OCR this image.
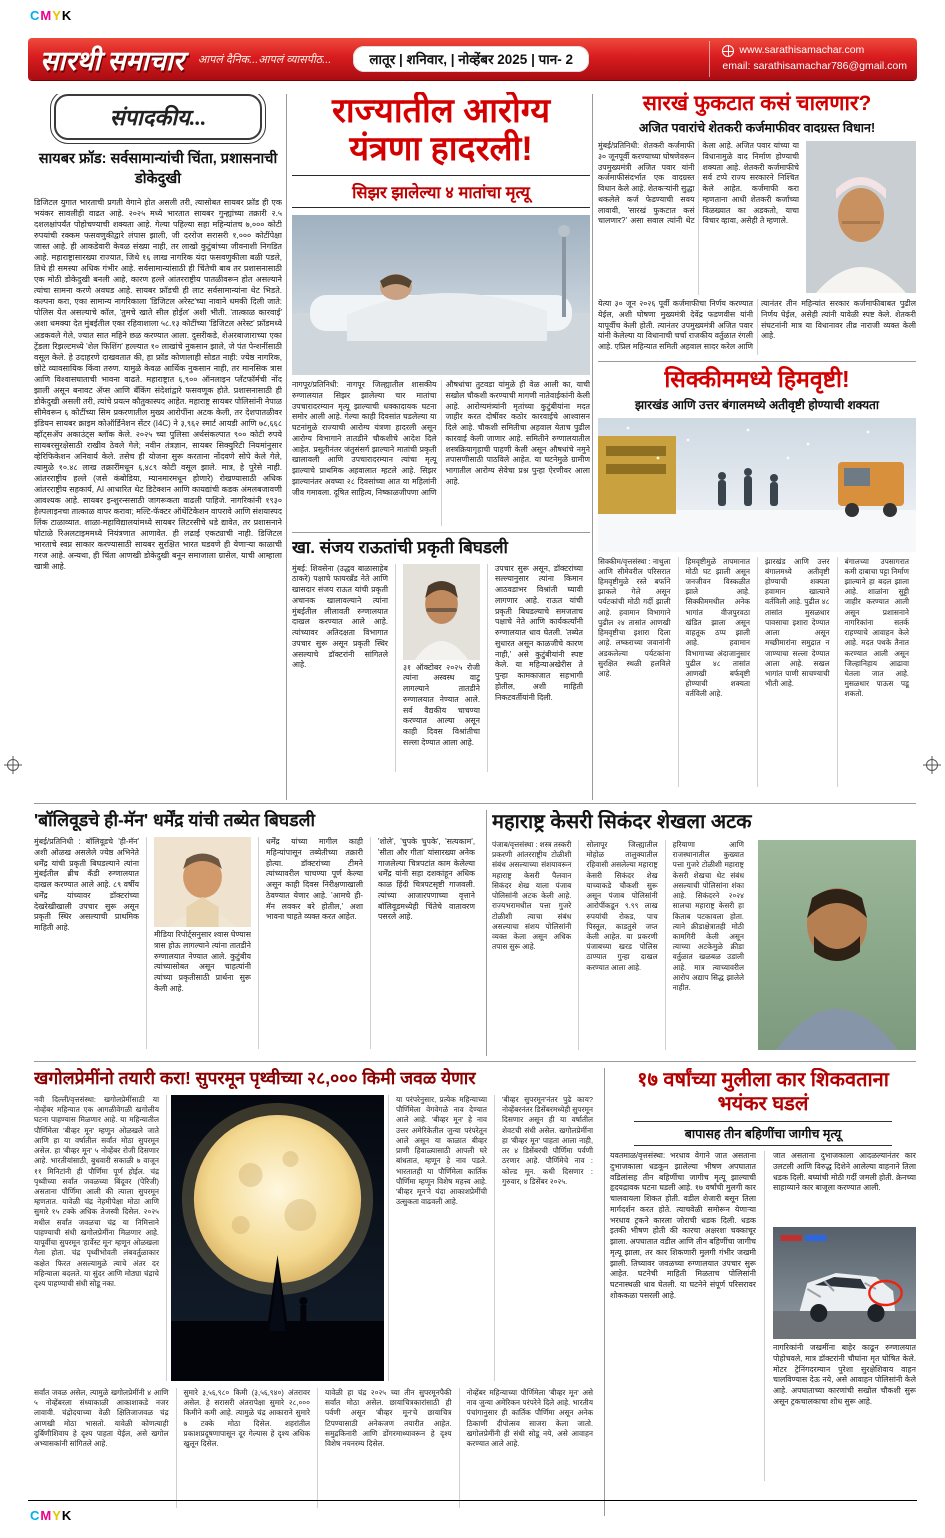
CMYK
सारथी समाचार	आपलं दैनिक...आपलं व्यासपीठ...	लातूर | शनिवार, | नोव्हेंबर 2025 | पान- 2
www.sarathisamachar.com
email: sarathisamachar786@gmail.com
संपादकीय...
सायबर फ्रॉड: सर्वसामान्यांची चिंता, प्रशासनाची डोकेदुखी
डिजिटल युगात भारताची प्रगती वेगाने होत असली तरी, त्यासोबत सायबर फ्रॉड ही एक भयंकर सावलीही वाढत आहे. २०२५ मध्ये भारतात सायबर गुन्ह्यांच्या तक्रारी २.५ दशलक्षांपर्यंत पोहोचण्याची शक्यता आहे. गेल्या पहिल्या सहा महिन्यांतच ७,००० कोटी रुपयांची रक्कम फसवणुकीद्वारे लंपास झाली, जी दररोज सरासरी १,००० कोटींपेक्षा जास्त आहे. ही आकडेवारी केवळ संख्या नाही, तर लाखो कुटुंबांच्या जीवनाशी निगडित आहे. महाराष्ट्रासारख्या राज्यात, जिथे १६ लाख नागरिक यंदा फसवणुकीला बळी पडले, तिथे ही समस्या अधिक गंभीर आहे. सर्वसामान्यांसाठी ही चिंतेची बाब तर प्रशासनासाठी एक मोठी डोकेदुखी बनली आहे, कारण हल्ले आंतरराष्ट्रीय पातळीवरून होत असल्याने त्यांचा सामना करणे अवघड आहे. सायबर फ्रॉडची ही लाट सर्वसामान्यांना थेट भिडते. कल्पना करा, एका सामान्य नागरिकाला 'डिजिटल अरेस्ट'च्या नावाने धमकी दिली जाते: पोलिस येत असल्याचे कॉल, 'तुमचे खाते सील होईल' अशी भीती. 'तात्काळ कारवाई' अशा धमक्या देत मुंबईतील एका रहिवाशाला ५८.१३ कोटींच्या 'डिजिटल अरेस्ट' फ्रॉडमध्ये अडकवले गेले, ज्यात सात महिने छळ करण्यात आला. दुसरीकडे, शेअरबाजाराच्या एका ट्रेंडला रिझल्टमध्ये 'शेल फिशिंग' हल्ल्यात १० लाखांचे नुकसान झाले, जे पंत पेन्शनींसाठी वसूल केले. हे उदाहरणे दाखवतात की, हा फ्रॉड कोणालाही सोडत नाही: ज्येष्ठ नागरिक, छोटे व्यावसायिक किंवा तरुण. यामुळे केवळ आर्थिक नुकसान नाही, तर मानसिक त्रास आणि विश्वासघाताची भावना वाढते. महाराष्ट्रात ६,९०० ऑनलाइन प्लॅटफॉर्मची नोंद झाली असून बनावट ॲप्स आणि बँकिंग संदेशांद्वारे फसवणूक होते. प्रशासनासाठी ही डोकेदुखी असली तरी, त्यांचे प्रयत्न कौतुकास्पद आहेत. महाराष्ट्र सायबर पोलिसांनी नेपाळ सीमेवरून ६ कोटींच्या सिम प्रकरणातील मुख्य आरोपींना अटक केली, तर देशपातळीवर इंडियन सायबर क्राइम कोऑर्डिनेशन सेंटर (I4C) ने ३,९६२ स्मार्ट आयडी आणि ७८,६६८ व्हॉट्सॲप अकाउंट्स ब्लॉक केले. २०२५ च्या पुलिसा अर्थसंकल्पात ९०० कोटी रुपये सायबरसुरक्षेसाठी राखीव ठेवले गेले; नवीन तंत्रज्ञान, सायबर सिक्युरिटी नियमांनुसार व्हेरिफिकेशन अनिवार्य केले. तसेच ही योजना सुरू करताना नोंदवणे सोपे केले गेले, त्यामुळे १०.४८ लाख तक्रारींमधून ६,४८९ कोटी वसूल झाले. मात्र, हे पुरेसे नाही. आंतरराष्ट्रीय हल्ले (जसे कंबोडिया, म्यानमारमधून होणारे) रोखण्यासाठी अधिक आंतरराष्ट्रीय सहकार्य, AI आधारित थेट डिटेक्शन आणि कायद्यांची कडक अंमलबजावणी आवश्यक आहे. सायबर इन्शुरन्ससाठी जागरूकता वाढली पाहिजे. नागरिकांनी १९३० हेल्पलाइनचा तात्काळ वापर करावा; मल्टि-फॅक्टर ऑथेंटिकेशन वापरावे आणि संशयास्पद लिंक टाळाव्यात. शाळा-महाविद्यालयांमध्ये सायबर लिटरसीचे धडे द्यावेत, तर प्रशासनाने घोटाळे रिअलटाइममध्ये नियंत्रणात आणावेत. ही लढाई एकट्याची नाही. डिजिटल भारताचे स्वप्न साकार करण्यासाठी सायबर सुरक्षित भारत घडवणे ही येणाऱ्या काळाची गरज आहे. अन्यथा, ही चिंता आणखी डोकेदुखी बनून समाजाला ग्रासेल, याची आम्हाला खात्री आहे.
राज्यातील आरोग्य यंत्रणा हादरली!
सिझर झालेल्या ४ मातांचा मृत्यू
नागपूर/प्रतिनिधी: नागपूर जिल्ह्यातील शासकीय रुग्णालयात सिझर झालेल्या चार मातांचा उपचारादरम्यान मृत्यू झाल्याची धक्कादायक घटना समोर आली आहे. गेल्या काही दिवसांत घडलेल्या या घटनांमुळे राज्याची आरोग्य यंत्रणा हादरली असून आरोग्य विभागाने तातडीने चौकशीचे आदेश दिले आहेत. प्रसूतीनंतर जंतुसंसर्ग झाल्याने मातांची प्रकृती खालावली आणि उपचारादरम्यान त्यांचा मृत्यू झाल्याचे प्राथमिक अहवालात म्हटले आहे. सिझर झाल्यानंतर अवघ्या २८ दिवसांच्या आत या महिलांनी जीव गमावला. दूषित साहित्य, निष्काळजीपणा आणि औषधांचा तुटवडा यांमुळे ही वेळ आली का, याची सखोल चौकशी करण्याची मागणी नातेवाईकांनी केली आहे. आरोग्यमंत्र्यांनी मृतांच्या कुटुंबीयांना मदत जाहीर करत दोषींवर कठोर कारवाईचे आश्वासन दिले आहे. चौकशी समितीचा अहवाल येताच पुढील कारवाई केली जाणार आहे. समितीने रुग्णालयातील शस्त्रक्रियागृहाची पाहणी केली असून औषधांचे नमुने तपासणीसाठी पाठविले आहेत. या घटनेमुळे ग्रामीण भागातील आरोग्य सेवेचा प्रश्न पुन्हा ऐरणीवर आला आहे.
खा. संजय राऊतांची प्रकृती बिघडली
मुंबई: शिवसेना (उद्धव बाळासाहेब ठाकरे) पक्षाचे फायरब्रँड नेते आणि खासदार संजय राऊत यांची प्रकृती अचानक खालावल्याने त्यांना मुंबईतील लीलावती रुग्णालयात दाखल करण्यात आले आहे. त्यांच्यावर अतिदक्षता विभागात उपचार सुरू असून प्रकृती स्थिर असल्याचे डॉक्टरांनी सांगितले आहे.	३१ ऑक्टोबर २०२५ रोजी त्यांना अस्वस्थ वाटू लागल्याने तातडीने रुग्णालयात नेण्यात आले. सर्व वैद्यकीय चाचण्या करण्यात आल्या असून काही दिवस विश्रांतीचा सल्ला देण्यात आला आहे.
उपचार सुरू असून, डॉक्टरांच्या सल्ल्यानुसार त्यांना किमान आठवडाभर विश्रांती घ्यावी लागणार आहे. राऊत यांची प्रकृती बिघडल्याचे समजताच पक्षाचे नेते आणि कार्यकर्त्यांनी रुग्णालयात धाव घेतली. 'तब्येत सुधारत असून काळजीचे कारण नाही,' असे कुटुंबीयांनी स्पष्ट केले. या महिन्याअखेरीस ते पुन्हा कामकाजात सहभागी होतील, अशी माहिती निकटवर्तीयांनी दिली.
सारखं फुकटात कसं चालणार?
अजित पवारांचे शेतकरी कर्जमाफीवर वादग्रस्त विधान!
मुंबई/प्रतिनिधी: शेतकरी कर्जमाफी ३० जूनपूर्वी करण्याच्या घोषणेवरून उपमुख्यमंत्री अजित पवार यांनी कर्जमाफीसंदर्भात एक वादग्रस्त विधान केले आहे. शेतकऱ्यांनी सुद्धा थकलेले कर्ज फेडण्याची सवय लावावी, 'सारखं फुकटात कसं चालणार?' असा सवाल त्यांनी थेट केला आहे. अजित पवार यांच्या या विधानामुळे वाद निर्माण होण्याची शक्यता आहे. शेतकरी कर्जमाफीचे सर्व टप्पे राज्य सरकारने निश्चित केले आहेत. कर्जमाफी करा म्हणताना आधी शेतकरी कर्जाच्या विळख्यात का अडकतो, याचा विचार व्हावा, असेही ते म्हणाले.
येत्या ३० जून २०२६ पूर्वी कर्जमाफीचा निर्णय करण्यात येईल, अशी घोषणा मुख्यमंत्री देवेंद्र फडणवीस यांनी यापूर्वीच केली होती. त्यानंतर उपमुख्यमंत्री अजित पवार यांनी केलेल्या या विधानाची चर्चा राजकीय वर्तुळात रंगली आहे. एप्रिल महिन्यात समिती अहवाल सादर करेल आणि त्यानंतर तीन महिन्यांत सरकार कर्जमाफीबाबत पुढील निर्णय घेईल, असेही त्यांनी यावेळी स्पष्ट केले. शेतकरी संघटनांनी मात्र या विधानावर तीव्र नाराजी व्यक्त केली आहे.
सिक्कीममध्ये हिमवृष्टी!
झारखंड आणि उत्तर बंगालमध्ये अतीवृष्टी होण्याची शक्यता
सिक्कीम/वृत्तसंस्था : नाथुला आणि सीमेवरील परिसरात हिमवृष्टीमुळे रस्ते बर्फाने झाकले गेले असून पर्यटकांची मोठी गर्दी झाली आहे. हवामान विभागाने पुढील २४ तासांत आणखी हिमवृष्टीचा इशारा दिला आहे. लष्कराच्या जवानांनी अडकलेल्या पर्यटकांना सुरक्षित स्थळी हलविले आहे.
हिमवृष्टीमुळे तापमानात मोठी घट झाली असून जनजीवन विस्कळीत झाले आहे. सिक्कीममधील अनेक भागांत वीजपुरवठा खंडित झाला असून वाहतूक ठप्प झाली आहे. हवामान विभागाच्या अंदाजानुसार पुढील ४८ तासांत आणखी बर्फवृष्टी होण्याची शक्यता वर्तविली आहे.
झारखंड आणि उत्तर बंगालमध्ये अतीवृष्टी होण्याची शक्यता हवामान खात्याने वर्तविली आहे. पुढील ४८ तासांत मुसळधार पावसाचा इशारा देण्यात आला असून मच्छीमारांना समुद्रात न जाण्याचा सल्ला देण्यात आला आहे. सखल भागांत पाणी साचण्याची भीती आहे.
बंगालच्या उपसागरात कमी दाबाचा पट्टा निर्माण झाल्याने हा बदल झाला आहे. शाळांना सुट्टी जाहीर करण्यात आली असून प्रशासनाने नागरिकांना सतर्क राहण्याचे आवाहन केले आहे. मदत पथके तैनात करण्यात आली असून जिल्हानिहाय आढावा घेतला जात आहे. मुसळधार पाऊस पडू शकतो.
'बॉलिवूडचे ही-मॅन' धर्मेंद्र यांची तब्येत बिघडली
मुंबई/प्रतिनिधी : बॉलिवूडचे 'ही-मॅन' अशी ओळख असलेले ज्येष्ठ अभिनेते धर्मेंद्र यांची प्रकृती बिघडल्याने त्यांना मुंबईतील ब्रीच कँडी रुग्णालयात दाखल करण्यात आले आहे. ८९ वर्षीय धर्मेंद्र यांच्यावर डॉक्टरांच्या देखरेखीखाली उपचार सुरू असून प्रकृती स्थिर असल्याची प्राथमिक माहिती आहे.
मीडिया रिपोर्ट्सनुसार श्वास घेण्यास त्रास होऊ लागल्याने त्यांना तातडीने रुग्णालयात नेण्यात आले. कुटुंबीय त्यांच्यासोबत असून चाहत्यांनी त्यांच्या प्रकृतीसाठी प्रार्थना सुरू केली आहे.
धर्मेंद्र यांच्या मागील काही महिन्यांपासून तब्येतीच्या तक्रारी होत्या. डॉक्टरांच्या टीमने त्यांच्यावरील चाचण्या पूर्ण केल्या असून काही दिवस निरीक्षणाखाली ठेवण्यात येणार आहे. 'आमचे ही-मॅन लवकर बरे होतील,' अशा भावना चाहते व्यक्त करत आहेत.
'शोले', 'चुपके चुपके', 'सत्यकाम', 'सीता और गीता' यांसारख्या अनेक गाजलेल्या चित्रपटांत काम केलेल्या धर्मेंद्र यांनी सहा दशकांहून अधिक काळ हिंदी चित्रपटसृष्टी गाजवली. त्यांच्या आजारपणाच्या वृत्ताने बॉलिवूडमध्येही चिंतेचे वातावरण पसरले आहे.
महाराष्ट्र केसरी सिकंदर शेखला अटक
पंजाब/वृत्तसंस्था : शस्त्र तस्करी प्रकरणी आंतरराष्ट्रीय टोळीशी संबंध असल्याच्या संशयावरून महाराष्ट्र केसरी पैलवान सिकंदर शेख याला पंजाब पोलिसांनी अटक केली आहे. राज्यभरामधील पत्ता गुजरे टोळीशी त्याचा संबंध असल्याचा संशय पोलिसांनी व्यक्त केला असून अधिक तपास सुरू आहे.
सोलापूर जिल्ह्यातील मोहोळ तालुक्यातील रहिवासी असलेल्या महाराष्ट्र केसरी सिकंदर शेख याच्याकडे चौकशी सुरू असून पंजाब पोलिसांनी आरोपींकडून ९.९९ लाख रुपयांची रोकड, पाच पिस्तूल, काडतुसे जप्त केली आहेत. या प्रकरणी पंजाबच्या खरड पोलिस ठाण्यात गुन्हा दाखल करण्यात आला आहे.
हरियाणा आणि राजस्थानातील कुख्यात पत्ता गुजरे टोळीशी महाराष्ट्र केसरी शेखचा थेट संबंध असल्याची पोलिसांना शंका आहे. सिकंदरने २०२४ सालचा महाराष्ट्र केसरी हा किताब पटकावला होता. त्याने क्रीडाक्षेत्रातही मोठी कामगिरी केली असून त्याच्या अटकेमुळे क्रीडा वर्तुळात खळबळ उडाली आहे. मात्र त्याच्यावरील आरोप अद्याप सिद्ध झालेले नाहीत.
खगोलप्रेमींनो तयारी करा! सुपरमून पृथ्वीच्या २८,००० किमी जवळ येणार
नवी दिल्ली/वृत्तसंस्था: खगोलप्रेमींसाठी या नोव्हेंबर महिन्यात एक आगळीवेगळी खगोलीय घटना पाहण्यास मिळणार आहे. या महिन्यातील पौर्णिमेला 'बीव्हर मून' म्हणून ओळखले जाते आणि हा या वर्षातील सर्वांत मोठा सुपरमून असेल. हा 'बीव्हर मून' ५ नोव्हेंबर रोजी दिसणार आहे. भारतीयांसाठी, बुधवारी सकाळी ७ वाजून ११ मिनिटांनी ही पौर्णिमा पूर्ण होईल. चंद्र पृथ्वीच्या सर्वांत जवळच्या बिंदूवर (पेरिजी) असताना पौर्णिमा आली की त्याला सुपरमून म्हणतात. यावेळी चंद्र नेहमीपेक्षा मोठा आणि सुमारे १५ टक्के अधिक तेजस्वी दिसेल. २०२५ मधील सर्वांत जवळचा चंद्र या निमित्ताने पाहण्याची संधी खगोलप्रेमींना मिळणार आहे. यापूर्वीचा सुपरमून 'हार्वेस्ट मून' म्हणून ओळखला गेला होता. चंद्र पृथ्वीभोवती लंबवर्तुळाकार कक्षेत फिरत असल्यामुळे त्याचे अंतर दर महिन्याला बदलते. या सुंदर आणि मोठ्या चंद्राचे दृश्य पाहण्याची संधी सोडू नका.
या परंपरेनुसार, प्रत्येक महिन्याच्या पौर्णिमेला वेगवेगळे नाव देण्यात आले आहे. 'बीव्हर मून' हे नाव उत्तर अमेरिकेतील जुन्या परंपरेतून आले असून या काळात बीव्हर प्राणी हिवाळ्यासाठी आपली घरे बांधतात, म्हणून हे नाव पडले. भारतातही या पौर्णिमेला कार्तिक पौर्णिमा म्हणून विशेष महत्त्व आहे. 'बीव्हर मून'ने यंदा आकाशप्रेमींची उत्सुकता वाढवली आहे.
'बीव्हर सुपरमून'नंतर पुढे काय? नोव्हेंबरनंतर डिसेंबरमध्येही सुपरमून दिसणार असून ही या वर्षातील शेवटची संधी असेल. खगोलप्रेमींना हा 'बीव्हर मून' पाहता आला नाही, तर ४ डिसेंबरची पौर्णिमा पर्वणी ठरणार आहे. पौर्णिमेचे नाव : कोल्ड मून. कधी दिसणार : गुरुवार, ४ डिसेंबर २०२५.
सर्वांत जवळ असेल, त्यामुळे खगोलप्रेमींनी ४ आणि ५ नोव्हेंबरला संध्याकाळी आकाशाकडे नजर लावावी. चंद्रोदयाच्या वेळी क्षितिजाजवळ चंद्र आणखी मोठा भासतो. यावेळी कोणत्याही दुर्बिणीशिवाय हे दृश्य पाहता येईल, असे खगोल अभ्यासकांनी सांगितले आहे.
सुमारे ३,५६,९८० किमी (३,५६,९४०) अंतरावर असेल. हे सरासरी अंतरापेक्षा सुमारे २८,००० किमीने कमी आहे. त्यामुळे चंद्र आकाराने सुमारे ७ टक्के मोठा दिसेल. शहरांतील प्रकाशप्रदूषणापासून दूर गेल्यास हे दृश्य अधिक खुलून दिसेल.
यावेळी हा चंद्र २०२५ च्या तीन सुपरमूनपैकी सर्वांत मोठा असेल. छायाचित्रकारांसाठी ही पर्वणी असून 'बीव्हर मून'चे छायाचित्र टिपण्यासाठी अनेकजण तयारीत आहेत. समुद्रकिनारी आणि डोंगरमाथ्यावरून हे दृश्य विशेष नयनरम्य दिसेल.
नोव्हेंबर महिन्याच्या पौर्णिमेला 'बीव्हर मून' असे नाव जुन्या अमेरिकन परंपरेने दिले आहे. भारतीय पंचांगानुसार ही कार्तिक पौर्णिमा असून अनेक ठिकाणी दीपोत्सव साजरा केला जातो. खगोलप्रेमींनी ही संधी सोडू नये, असे आवाहन करण्यात आले आहे.
१७ वर्षांच्या मुलीला कार शिकवताना भयंकर घडलं
बापासह तीन बहिणींचा जागीच मृत्यू
यवतमाळ/वृत्तसंस्था: भरधाव वेगाने जात असताना दुभाजकाला धडकून झालेल्या भीषण अपघातात वडिलांसह तीन बहिणींचा जागीच मृत्यू झाल्याची हृदयद्रावक घटना घडली आहे. १७ वर्षांची मुलगी कार चालवायला शिकत होती. वडील शेजारी बसून तिला मार्गदर्शन करत होते. त्याचवेळी समोरून येणाऱ्या भरधाव ट्रकने कारला जोराची धडक दिली. धडक इतकी भीषण होती की कारचा अक्षरशः चक्काचूर झाला. अपघातात वडील आणि तीन बहिणींचा जागीच मृत्यू झाला, तर कार शिकणारी मुलगी गंभीर जखमी झाली. तिच्यावर जवळच्या रुग्णालयात उपचार सुरू आहेत. घटनेची माहिती मिळताच पोलिसांनी घटनास्थळी धाव घेतली. या घटनेने संपूर्ण परिसरावर शोककळा पसरली आहे.
जात असताना दुभाजकाला आदळल्यानंतर कार उलटली आणि विरुद्ध दिशेने आलेल्या वाहनाने तिला धडक दिली. बघ्यांची मोठी गर्दी जमली होती. क्रेनच्या साहाय्याने कार बाजूला करण्यात आली.
नागरिकांनी जखमींना बाहेर काढून रुग्णालयात पोहोचवले, मात्र डॉक्टरांनी चौघांना मृत घोषित केले. मोटर ट्रेनिंगदरम्यान पुरेशा सुरक्षेशिवाय वाहन चालविण्यास देऊ नये, असे आवाहन पोलिसांनी केले आहे. अपघाताच्या कारणांची सखोल चौकशी सुरू असून ट्रकचालकाचा शोध सुरू आहे.
CMYK
